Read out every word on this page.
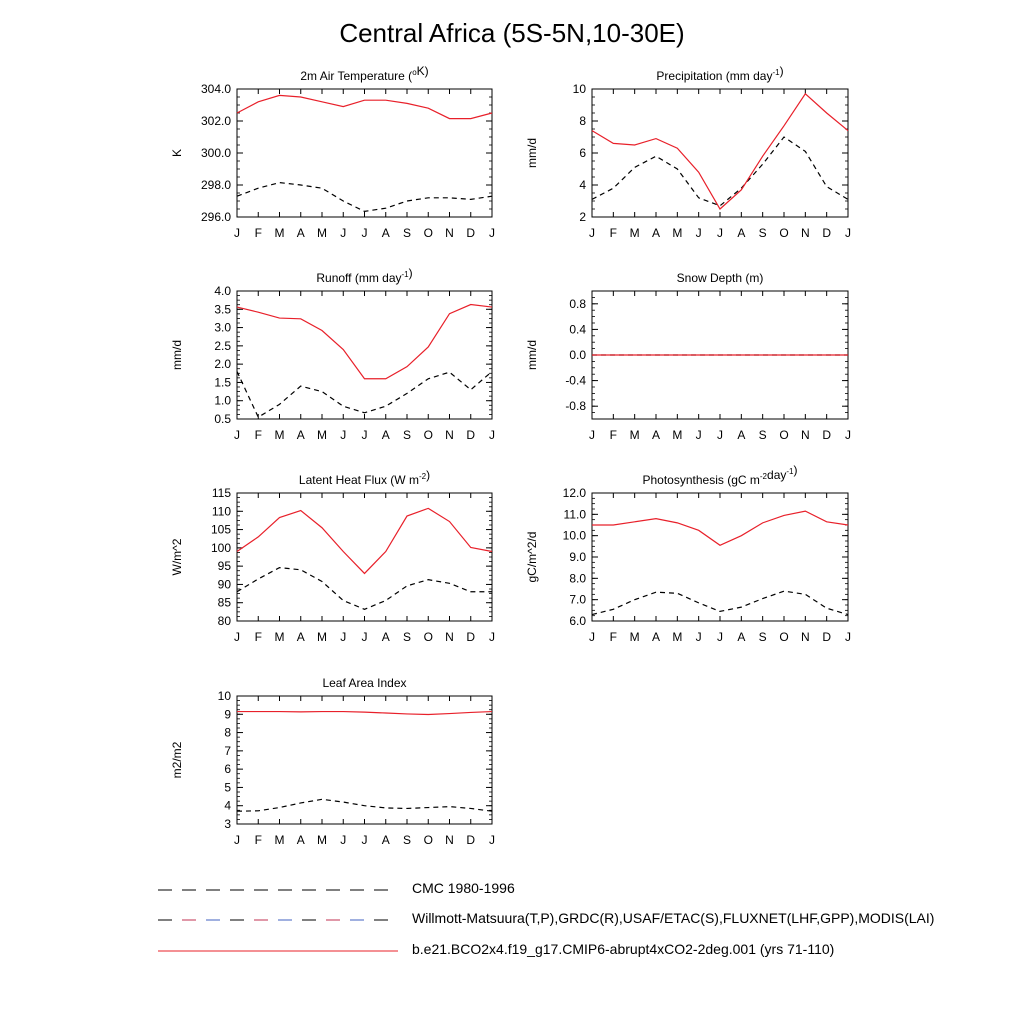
Central Africa (5S-5N,10-30E)
J F M A M J J A S O N D J
296.0
298.0
300.0
302.0
304.0
2m Air Temperature ($^o$K)
K
J F M A M J J A S O N D J
2
4
6
8
10
Precipitation (mm day$^{-1}$)
mm/d
J F M A M J J A S O N D J
0.5
1.0
1.5
2.0
2.5
3.0
3.5
4.0
Runoff (mm day$^{-1}$)
mm/d
J F M A M J J A S O N D J
-0.8
-0.4
0.0
0.4
0.8
Snow Depth (m)
mm/d
J F M A M J J A S O N D J
80
85
90
95
100
105
110
115
Latent Heat Flux (W $m^{-2}$)
W/m^2
J F M A M J J A S O N D J
6.0
7.0
8.0
9.0
10.0
11.0
12.0
Photosynthesis (gC $m^{-2}day^{-1}$)
gC/m^2/d
J F M A M J J A S O N D J
3
4
5
6
7
8
9
10
Leaf Area Index
m2/m2
CMC 1980-1996
Willmott-Matsuura(T,P),GRDC(R),USAF/ETAC(S),FLUXNET(LHF,GPP),MODIS(LAI)
b.e21.BCO2x4.f19_g17.CMIP6-abrupt4xCO2-2deg.001 (yrs 71-110)
